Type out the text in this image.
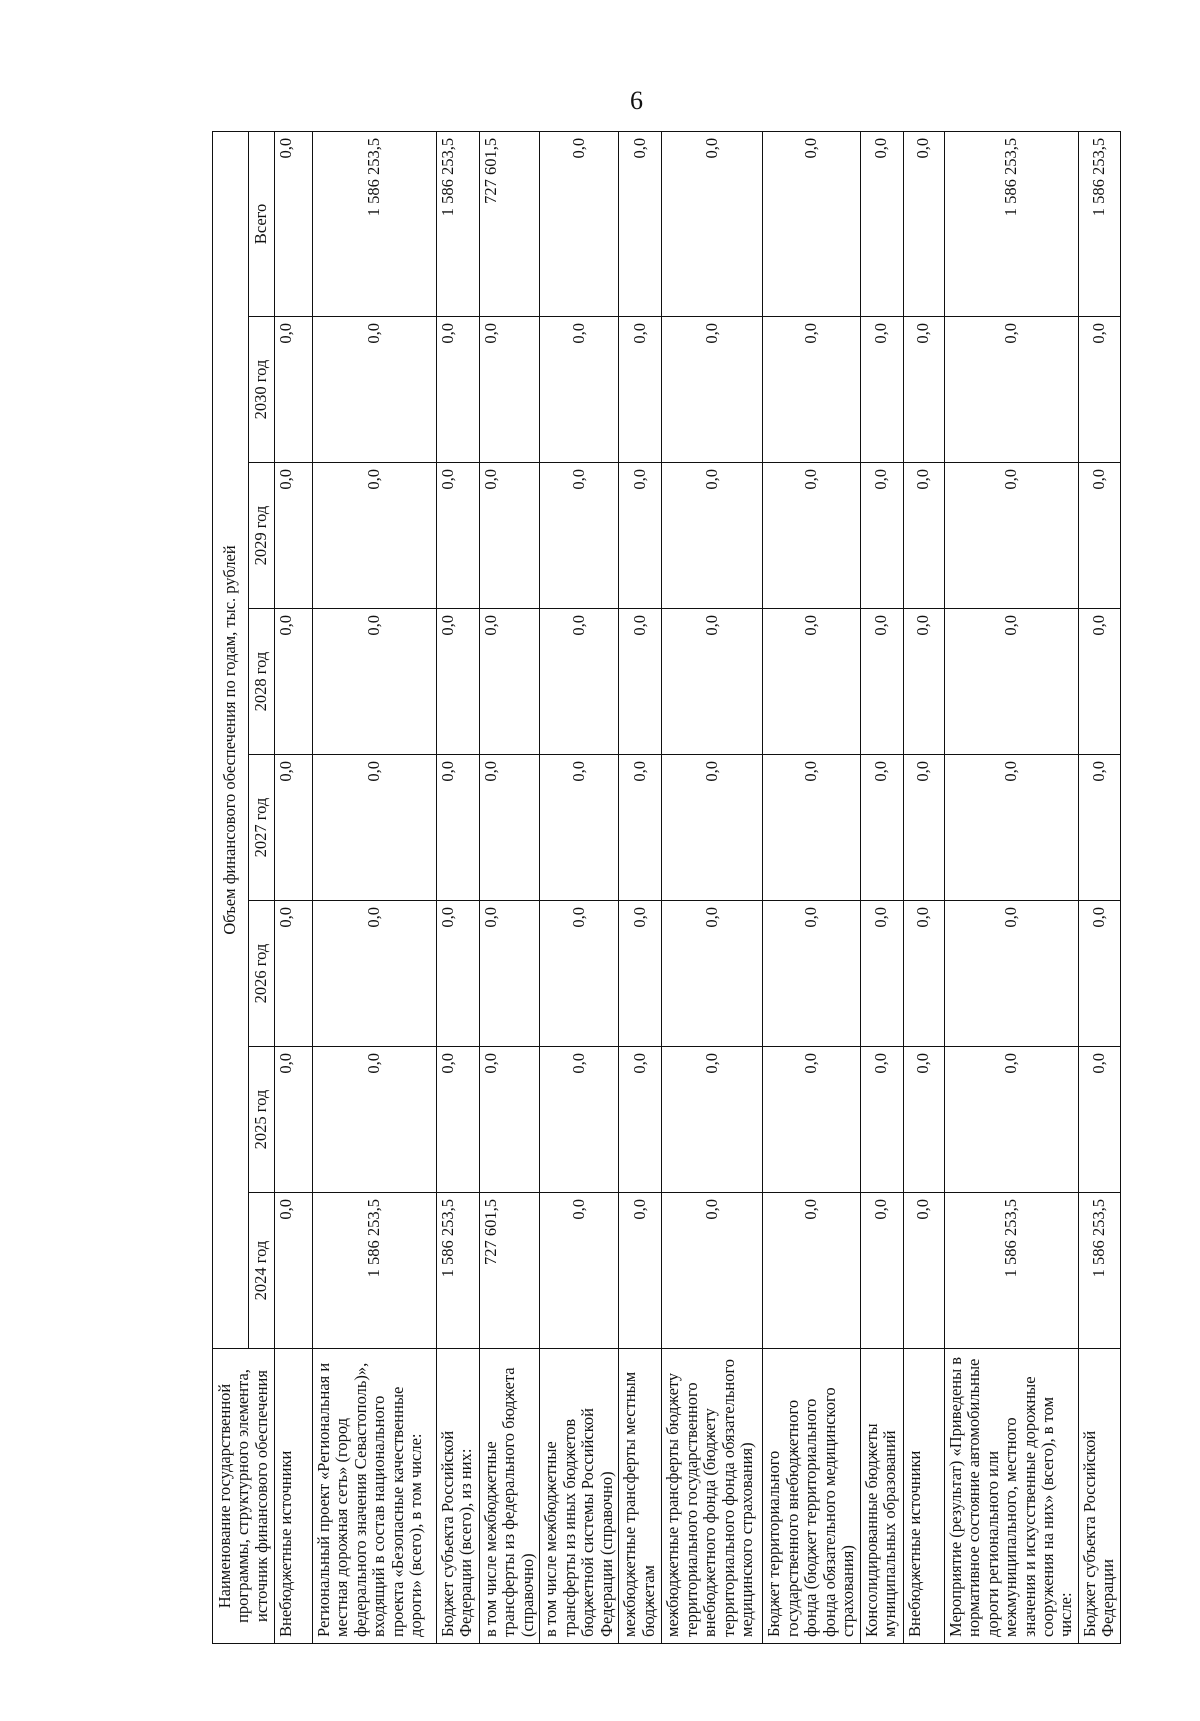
6
Наименование государственной программы, структурного элемента, источник финансового обеспечения	Объем финансового обеспечения по годам, тыс. рублей							
	2024 год	2025 год	2026 год	2027 год	2028 год	2029 год	2030 год	Всего
Внебюджетные источники	0,0	0,0	0,0	0,0	0,0	0,0	0,0	0,0
Региональный проект «Региональная и местная дорожная сеть» (город федерального значения Севастополь)», входящий в состав национального проекта «Безопасные качественные дороги» (всего), в том числе:	1 586 253,5	0,0	0,0	0,0	0,0	0,0	0,0	1 586 253,5
Бюджет субъекта Российской Федерации (всего), из них:	1 586 253,5	0,0	0,0	0,0	0,0	0,0	0,0	1 586 253,5
в том числе межбюджетные трансферты из федерального бюджета (справочно)	727 601,5	0,0	0,0	0,0	0,0	0,0	0,0	727 601,5
в том числе межбюджетные трансферты из иных бюджетов бюджетной системы Российской Федерации (справочно)	0,0	0,0	0,0	0,0	0,0	0,0	0,0	0,0
межбюджетные трансферты местным бюджетам	0,0	0,0	0,0	0,0	0,0	0,0	0,0	0,0
межбюджетные трансферты бюджету территориального государственного внебюджетного фонда (бюджету территориального фонда обязательного медицинского страхования)	0,0	0,0	0,0	0,0	0,0	0,0	0,0	0,0
Бюджет территориального государственного внебюджетного фонда (бюджет территориального фонда обязательного медицинского страхования)	0,0	0,0	0,0	0,0	0,0	0,0	0,0	0,0
Консолидированные бюджеты муниципальных образований	0,0	0,0	0,0	0,0	0,0	0,0	0,0	0,0
Внебюджетные источники	0,0	0,0	0,0	0,0	0,0	0,0	0,0	0,0
Мероприятие (результат) «Приведены в нормативное состояние автомобильные дороги регионального или межмуниципального, местного значения и искусственные дорожные сооружения на них» (всего), в том числе:	1 586 253,5	0,0	0,0	0,0	0,0	0,0	0,0	1 586 253,5
Бюджет субъекта Российской Федерации	1 586 253,5	0,0	0,0	0,0	0,0	0,0	0,0	1 586 253,5
